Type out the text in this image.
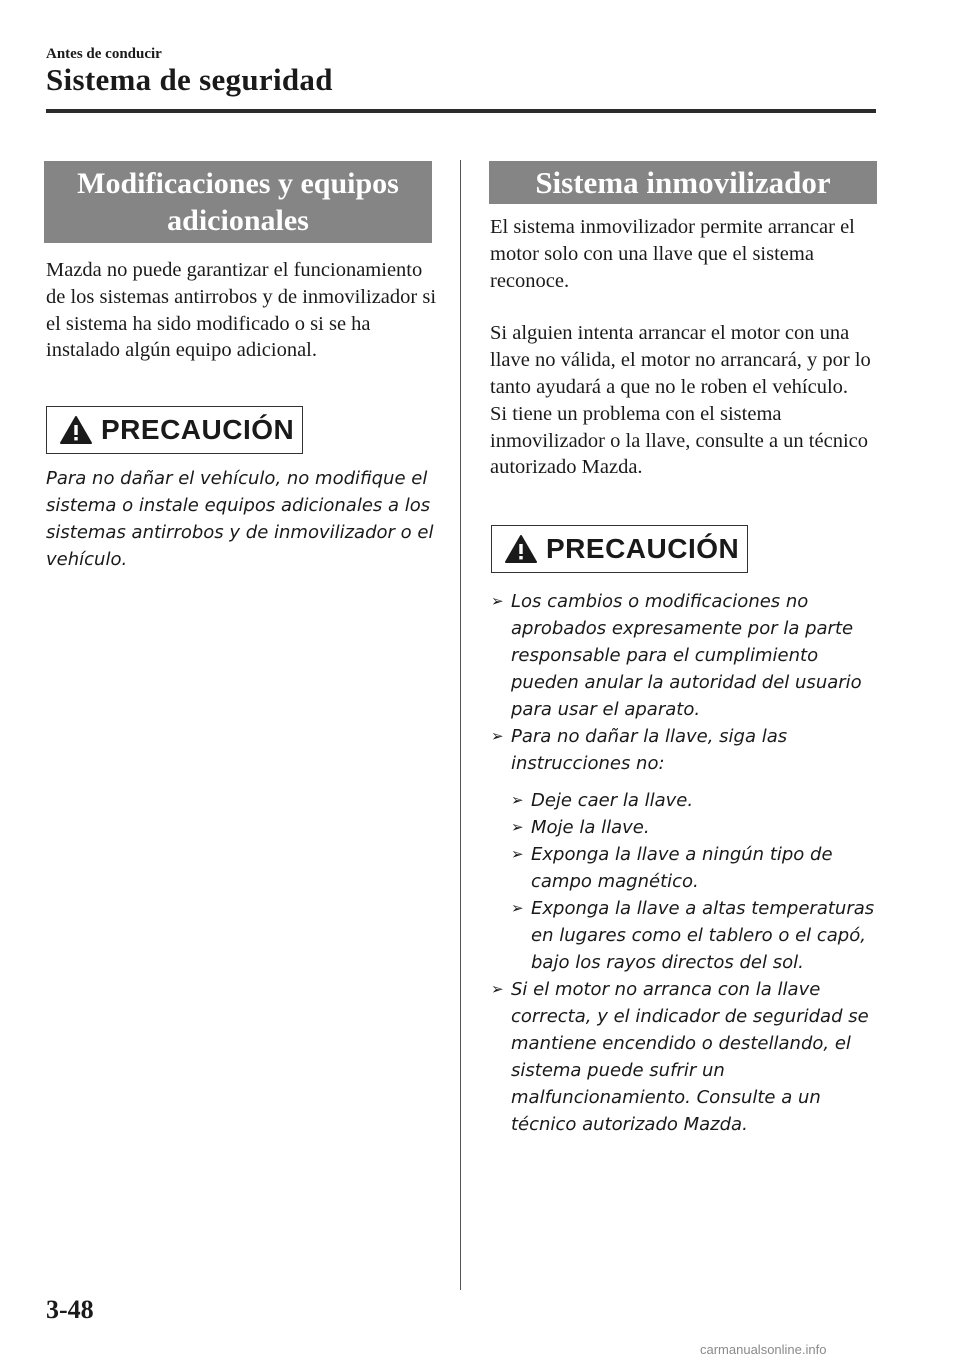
Antes de conducir
Sistema de seguridad
Modificaciones y equipos adicionales

Mazda no puede garantizar el funcionamiento de los sistemas antirrobos y de inmovilizador si el sistema ha sido modificado o si se ha instalado algún equipo adicional.

PRECAUCIÓN
Para no dañar el vehículo, no modifique el sistema o instale equipos adicionales a los sistemas antirrobos y de inmovilizador o el vehículo.
Sistema inmovilizador

El sistema inmovilizador permite arrancar el motor solo con una llave que el sistema reconoce.

Si alguien intenta arrancar el motor con una llave no válida, el motor no arrancará, y por lo tanto ayudará a que no le roben el vehículo.

Si tiene un problema con el sistema inmovilizador o la llave, consulte a un técnico autorizado Mazda.

PRECAUCIÓN
➢ Los cambios o modificaciones no aprobados expresamente por la parte responsable para el cumplimiento pueden anular la autoridad del usuario para usar el aparato.
➢ Para no dañar la llave, siga las instrucciones no:
➢ Deje caer la llave.
➢ Moje la llave.
➢ Exponga la llave a ningún tipo de campo magnético.
➢ Exponga la llave a altas temperaturas en lugares como el tablero o el capó, bajo los rayos directos del sol.
➢ Si el motor no arranca con la llave correcta, y el indicador de seguridad se mantiene encendido o destellando, el sistema puede sufrir un malfuncionamiento. Consulte a un técnico autorizado Mazda.
3-48
carmanualsonline.info
